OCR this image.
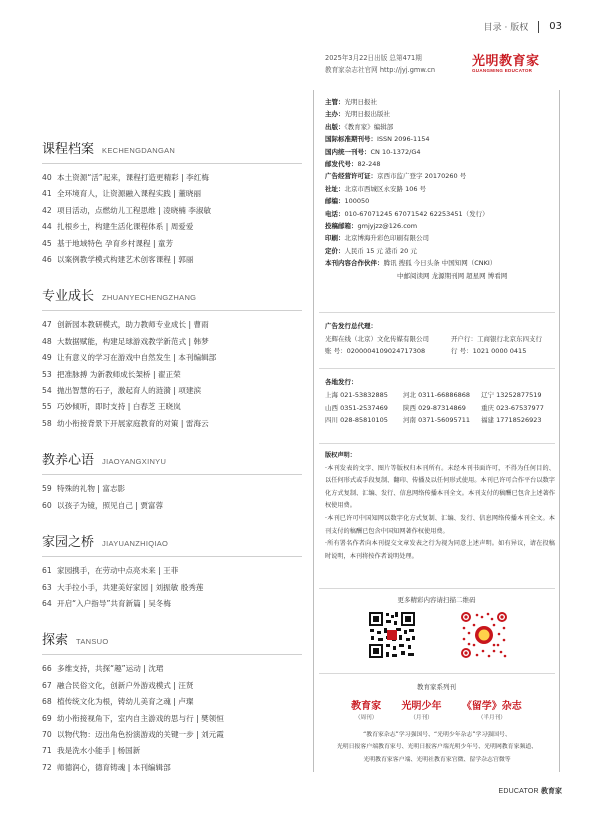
目录 · 版权 03
课程档案 KECHENGDANGAN
40 本土资源“活”起来，课程打造更精彩 | 李红梅
41 全环境育人，让资源融入课程实践 | 董晓丽
42 项目活动，点燃幼儿工程思维 | 凌晓楠 李淑敏
44 扎根乡土，构建生活化课程体系 | 周爱爱
45 基于地域特色 孕育乡村课程 | 童芳
46 以案例教学模式构建艺术创客课程 | 郭丽
专业成长 ZHUANYECHENGZHANG
47 创新园本教研模式，助力教师专业成长 | 曹雨
48 大数据赋能，构建足球游戏教学新范式 | 韩梦
49 让有意义的学习在游戏中自然发生 | 本刊编辑部
53 把准脉搏 为新教师成长架桥 | 翟正荣
54 抛出智慧的石子，激起育人的涟漪 | 项建滨
55 巧妙倾听，即时支持 | 白春芝 王晓岚
58 幼小衔接背景下开展家庭教育的对策 | 雷海云
教养心语 JIAOYANGXINYU
59 特殊的礼物 | 富志影
60 以孩子为镜，照见自己 | 贾富蓉
家园之桥 JIAYUANZHIQIAO
61 家园携手，在劳动中点亮未来 | 王菲
63 大手拉小手，共建美好家园 | 刘振敏 殷秀莲
64 开启“入户指导”共育新篇 | 吴冬梅
探索 TANSUO
66 多维支持，共探“趣”运动 | 沈珺
67 融合民俗文化，创新户外游戏模式 | 汪贤
68 植传统文化为根，铸幼儿美育之魂 | 卢璨
69 幼小衔接视角下，室内自主游戏的思与行 | 樊领恒
70 以物代物：迈出角色扮演游戏的关键一步 | 刘元霞
71 我是洗水小能手 | 杨国新
72 师德润心，德育铸魂 | 本刊编辑部
2025年3月22日出版 总第471期
教育家杂志社官网 http://jyj.gmw.cn
光明教育家
GUANGMING EDUCATOR
主管：光明日报社
主办：光明日报出版社
出版：《教育家》编辑部
国际标准期刊号：ISSN 2096-1154
国内统一刊号：CN 10-1372/G4
邮发代号：82-248
广告经营许可证：京西市监广登字 20170260 号
社址：北京市西城区永安路 106 号
邮编：100050
电话：010-67071245 67071542 62253451（发行）
投稿邮箱：gmjyjzz@126.com
印刷：北京博海升彩色印刷有限公司
定价：人民币 15 元 港币 20 元
本刊内容合作伙伴：腾讯 搜狐 今日头条 中国知网（CNKI）
中邮阅读网 龙源期刊网 超星网 博看网
广告发行总代理：
光辉在线（北京）文化传媒有限公司	开户行：工商银行北京东四支行
账 号：0200004109024717308	行 号：1021 0000 0415
各地发行：
上海 021-53832885	河北 0311-66886868	辽宁 13252877519
山西 0351-2537469	陕西 029-87314869	重庆 023-67537977
四川 028-85810105	河南 0371-56095711	福建 17718526923
版权声明：

·本刊发表的文字、图片等版权归本刊所有。未经本刊书面许可，不得为任何目的、以任何形式或手段复制、翻印、传播及以任何形式使用。本刊已许可合作平台以数字化方式复制、汇编、发行、信息网络传播本刊全文。本刊支付的稿酬已包含上述著作权使用费。

·本刊已许可中国知网以数字化方式复制、汇编、发行、信息网络传播本刊全文。本刊支付的稿酬已包含中国知网著作权使用费。

·所有署名作者向本刊提交文章发表之行为视为同意上述声明。如有异议，请在投稿时说明，本刊将按作者说明处理。

更多精彩内容请扫描二维码
教育家系列刊
教育家
（周刊）
光明少年
（月刊）
《留学》杂志
（半月刊）
“教育家杂志”学习强国号、“光明少年杂志”学习强国号、
光明日报客户端教育家号、光明日报客户端光明少年号、光明网教育家频道、
光明教育家客户端、光明社教育家官微、留学杂志官微等
EDUCATOR 教育家
